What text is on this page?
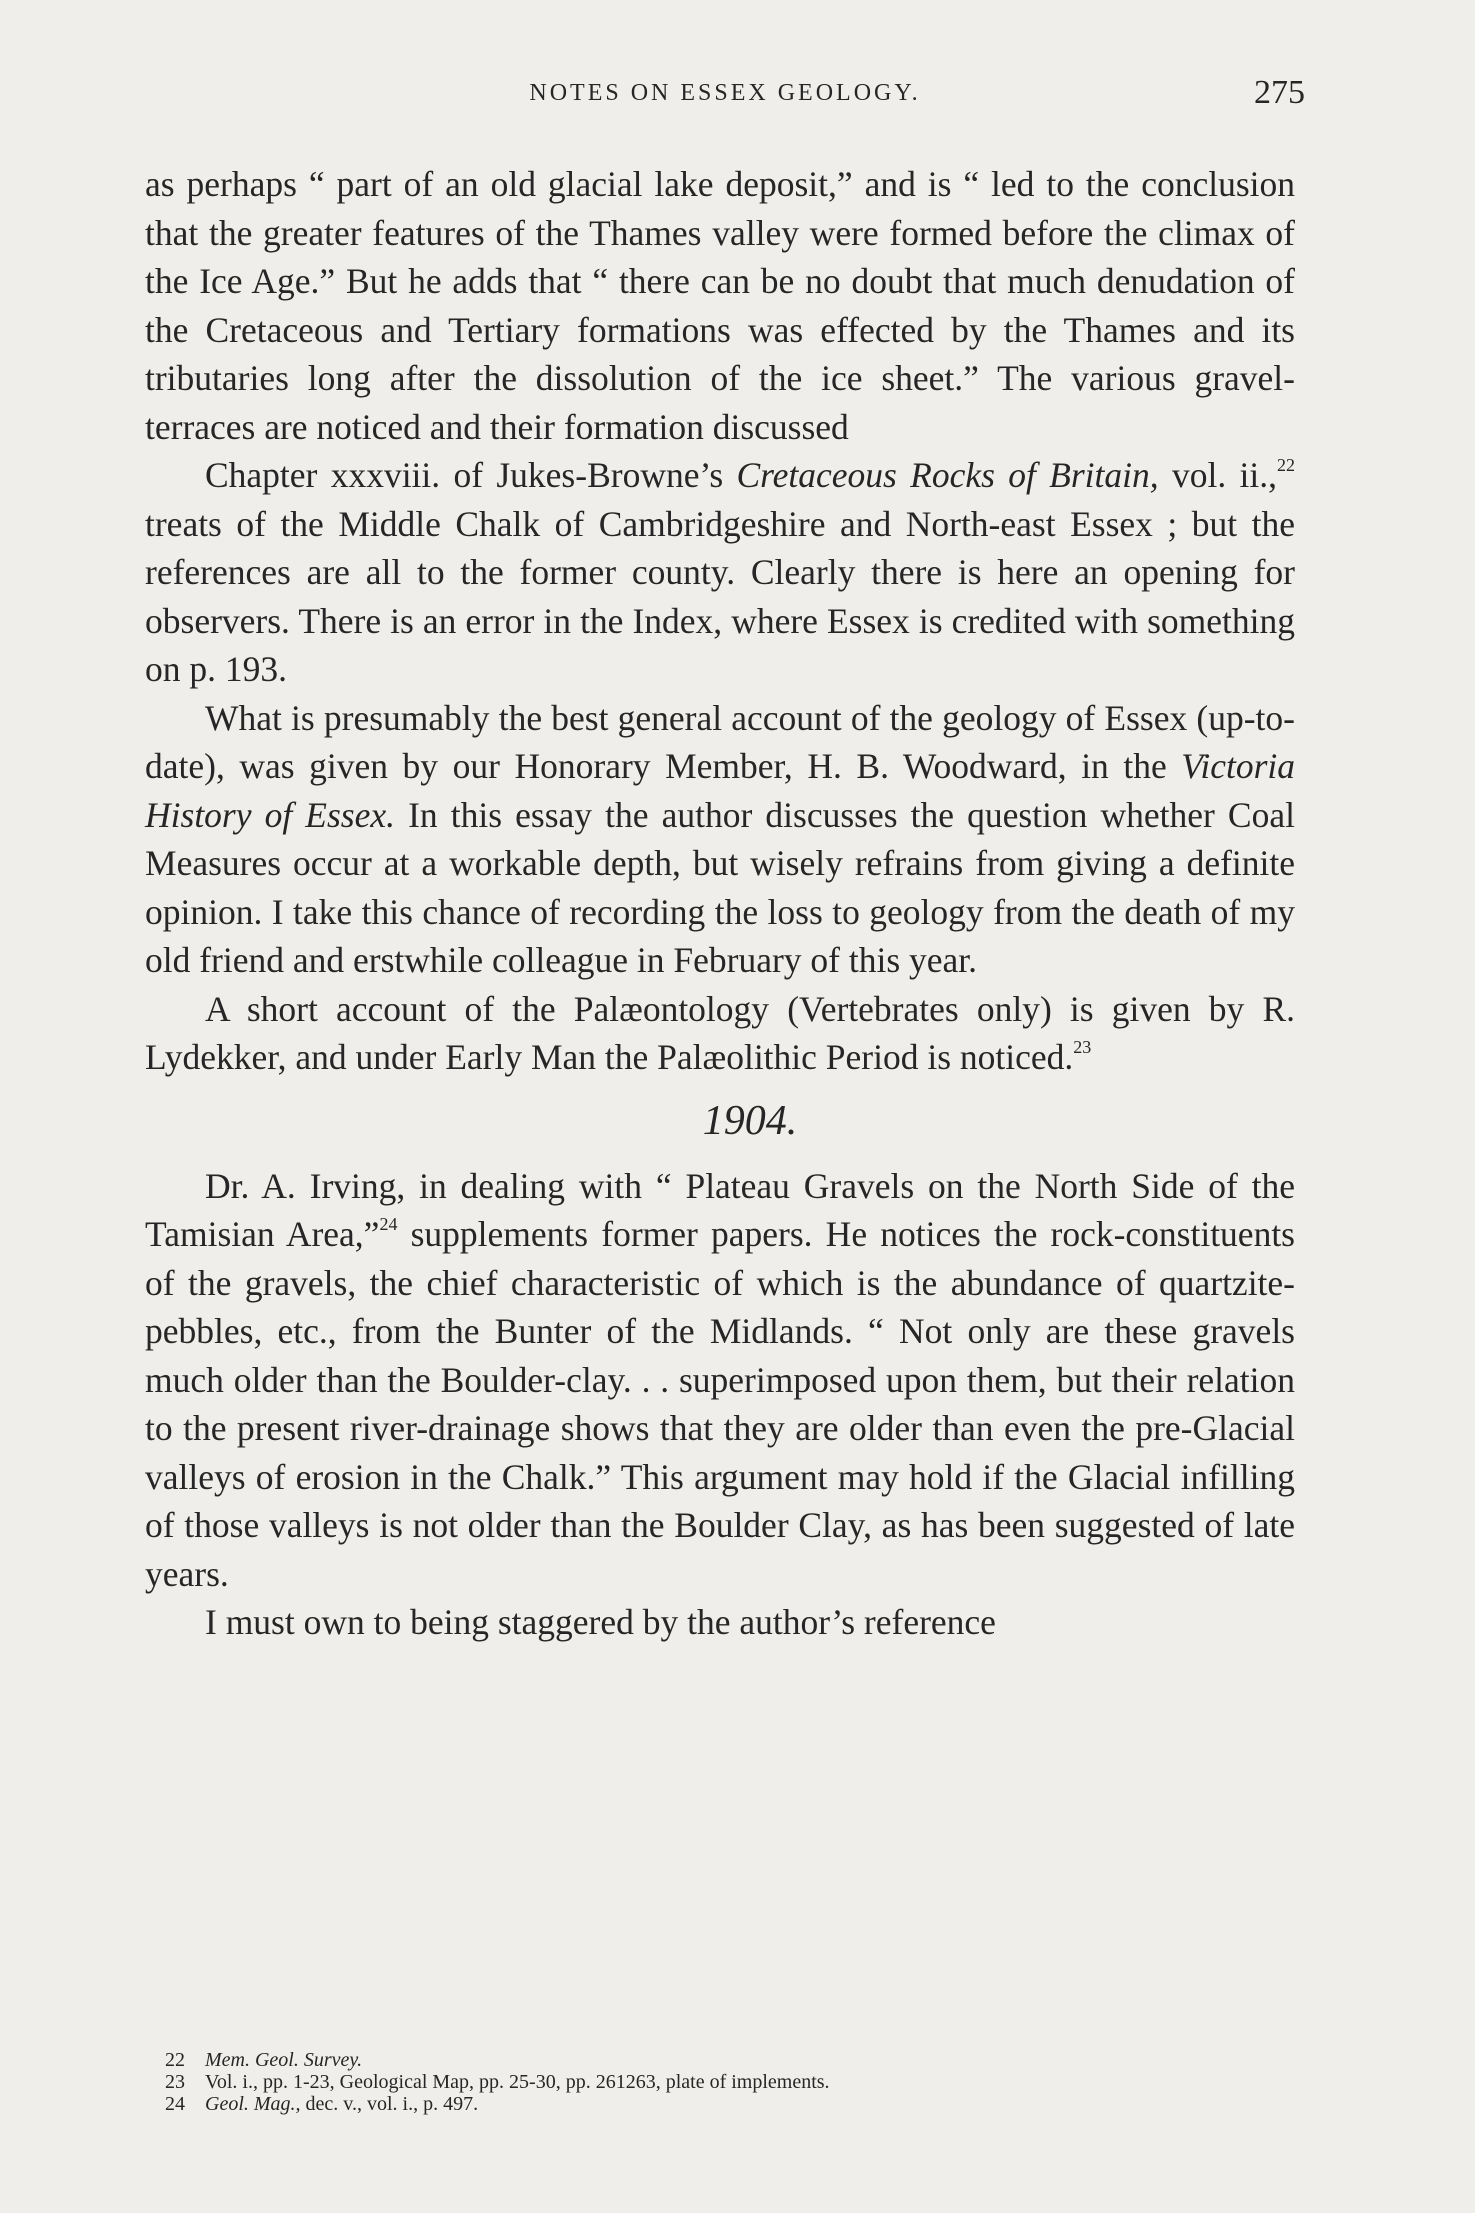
NOTES ON ESSEX GEOLOGY.	275

as perhaps “ part of an old glacial lake deposit,” and is “ led to the conclusion that the greater features of the Thames valley were formed before the climax of the Ice Age.” But he adds that “ there can be no doubt that much denudation of the Cretaceous and Tertiary formations was effected by the Thames and its tributaries long after the dissolution of the ice sheet.” The various gravel-terraces are noticed and their formation discussed

Chapter xxxviii. of Jukes-Browne’s Cretaceous Rocks of Britain, vol. ii.,$^{22}$ treats of the Middle Chalk of Cambridgeshire and North-east Essex ; but the references are all to the former county. Clearly there is here an opening for observers. There is an error in the Index, where Essex is credited with something on p. 193.

What is presumably the best general account of the geology of Essex (up-to-date), was given by our Honorary Member, H. B. Woodward, in the Victoria History of Essex. In this essay the author discusses the question whether Coal Measures occur at a workable depth, but wisely refrains from giving a definite opinion. I take this chance of recording the loss to geology from the death of my old friend and erstwhile colleague in February of this year.

A short account of the Palæontology (Vertebrates only) is given by R. Lydekker, and under Early Man the Palæolithic Period is noticed.$^{23}$

1904.

Dr. A. Irving, in dealing with “ Plateau Gravels on the North Side of the Tamisian Area,”$^{24}$ supplements former papers. He notices the rock-constituents of the gravels, the chief characteristic of which is the abundance of quartzite-pebbles, etc., from the Bunter of the Midlands. “ Not only are these gravels much older than the Boulder-clay. . . superimposed upon them, but their relation to the present river-drainage shows that they are older than even the pre-Glacial valleys of erosion in the Chalk.” This argument may hold if the Glacial infilling of those valleys is not older than the Boulder Clay, as has been suggested of late years.

I must own to being staggered by the author’s reference

22 Mem. Geol. Survey.
23 Vol. i., pp. 1-23, Geological Map, pp. 25-30, pp. 261263, plate of implements.
24 Geol. Mag., dec. v., vol. i., p. 497.
